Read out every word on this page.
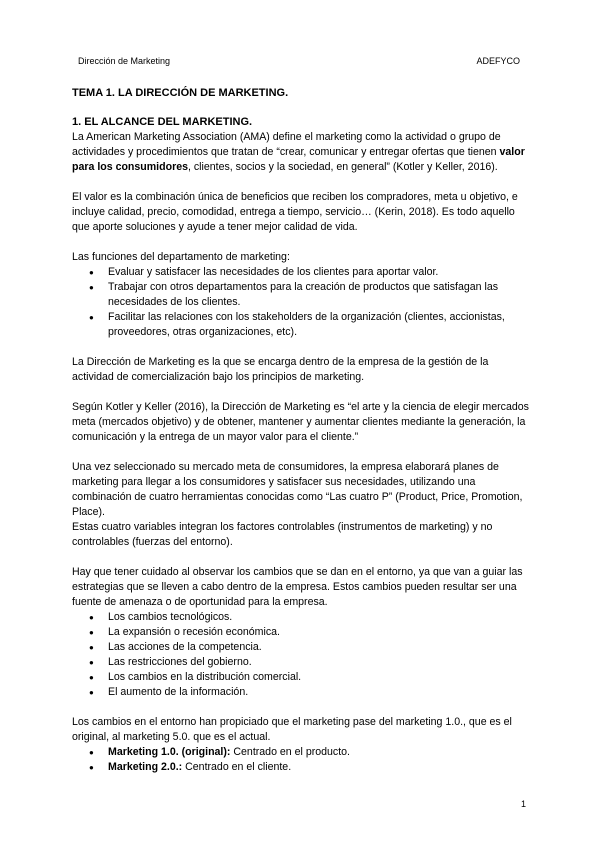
Dirección de Marketing	ADEFYCO

TEMA 1. LA DIRECCIÓN DE MARKETING.

1. EL ALCANCE DEL MARKETING.

La American Marketing Association (AMA) define el marketing como la actividad o grupo de actividades y procedimientos que tratan de “crear, comunicar y entregar ofertas que tienen valor para los consumidores, clientes, socios y la sociedad, en general” (Kotler y Keller, 2016).

El valor es la combinación única de beneficios que reciben los compradores, meta u objetivo, e incluye calidad, precio, comodidad, entrega a tiempo, servicio… (Kerin, 2018). Es todo aquello que aporte soluciones y ayude a tener mejor calidad de vida.

Las funciones del departamento de marketing:

● Evaluar y satisfacer las necesidades de los clientes para aportar valor.
● Trabajar con otros departamentos para la creación de productos que satisfagan las necesidades de los clientes.
● Facilitar las relaciones con los stakeholders de la organización (clientes, accionistas, proveedores, otras organizaciones, etc).

La Dirección de Marketing es la que se encarga dentro de la empresa de la gestión de la actividad de comercialización bajo los principios de marketing.

Según Kotler y Keller (2016), la Dirección de Marketing es “el arte y la ciencia de elegir mercados meta (mercados objetivo) y de obtener, mantener y aumentar clientes mediante la generación, la comunicación y la entrega de un mayor valor para el cliente.”

Una vez seleccionado su mercado meta de consumidores, la empresa elaborará planes de marketing para llegar a los consumidores y satisfacer sus necesidades, utilizando una combinación de cuatro herramientas conocidas como “Las cuatro P” (Product, Price, Promotion, Place).

Estas cuatro variables integran los factores controlables (instrumentos de marketing) y no controlables (fuerzas del entorno).

Hay que tener cuidado al observar los cambios que se dan en el entorno, ya que van a guiar las estrategias que se lleven a cabo dentro de la empresa. Estos cambios pueden resultar ser una fuente de amenaza o de oportunidad para la empresa.

● Los cambios tecnológicos.
● La expansión o recesión económica.
● Las acciones de la competencia.
● Las restricciones del gobierno.
● Los cambios en la distribución comercial.
● El aumento de la información.

Los cambios en el entorno han propiciado que el marketing pase del marketing 1.0., que es el original, al marketing 5.0. que es el actual.

● Marketing 1.0. (original): Centrado en el producto.
● Marketing 2.0.: Centrado en el cliente.
1
